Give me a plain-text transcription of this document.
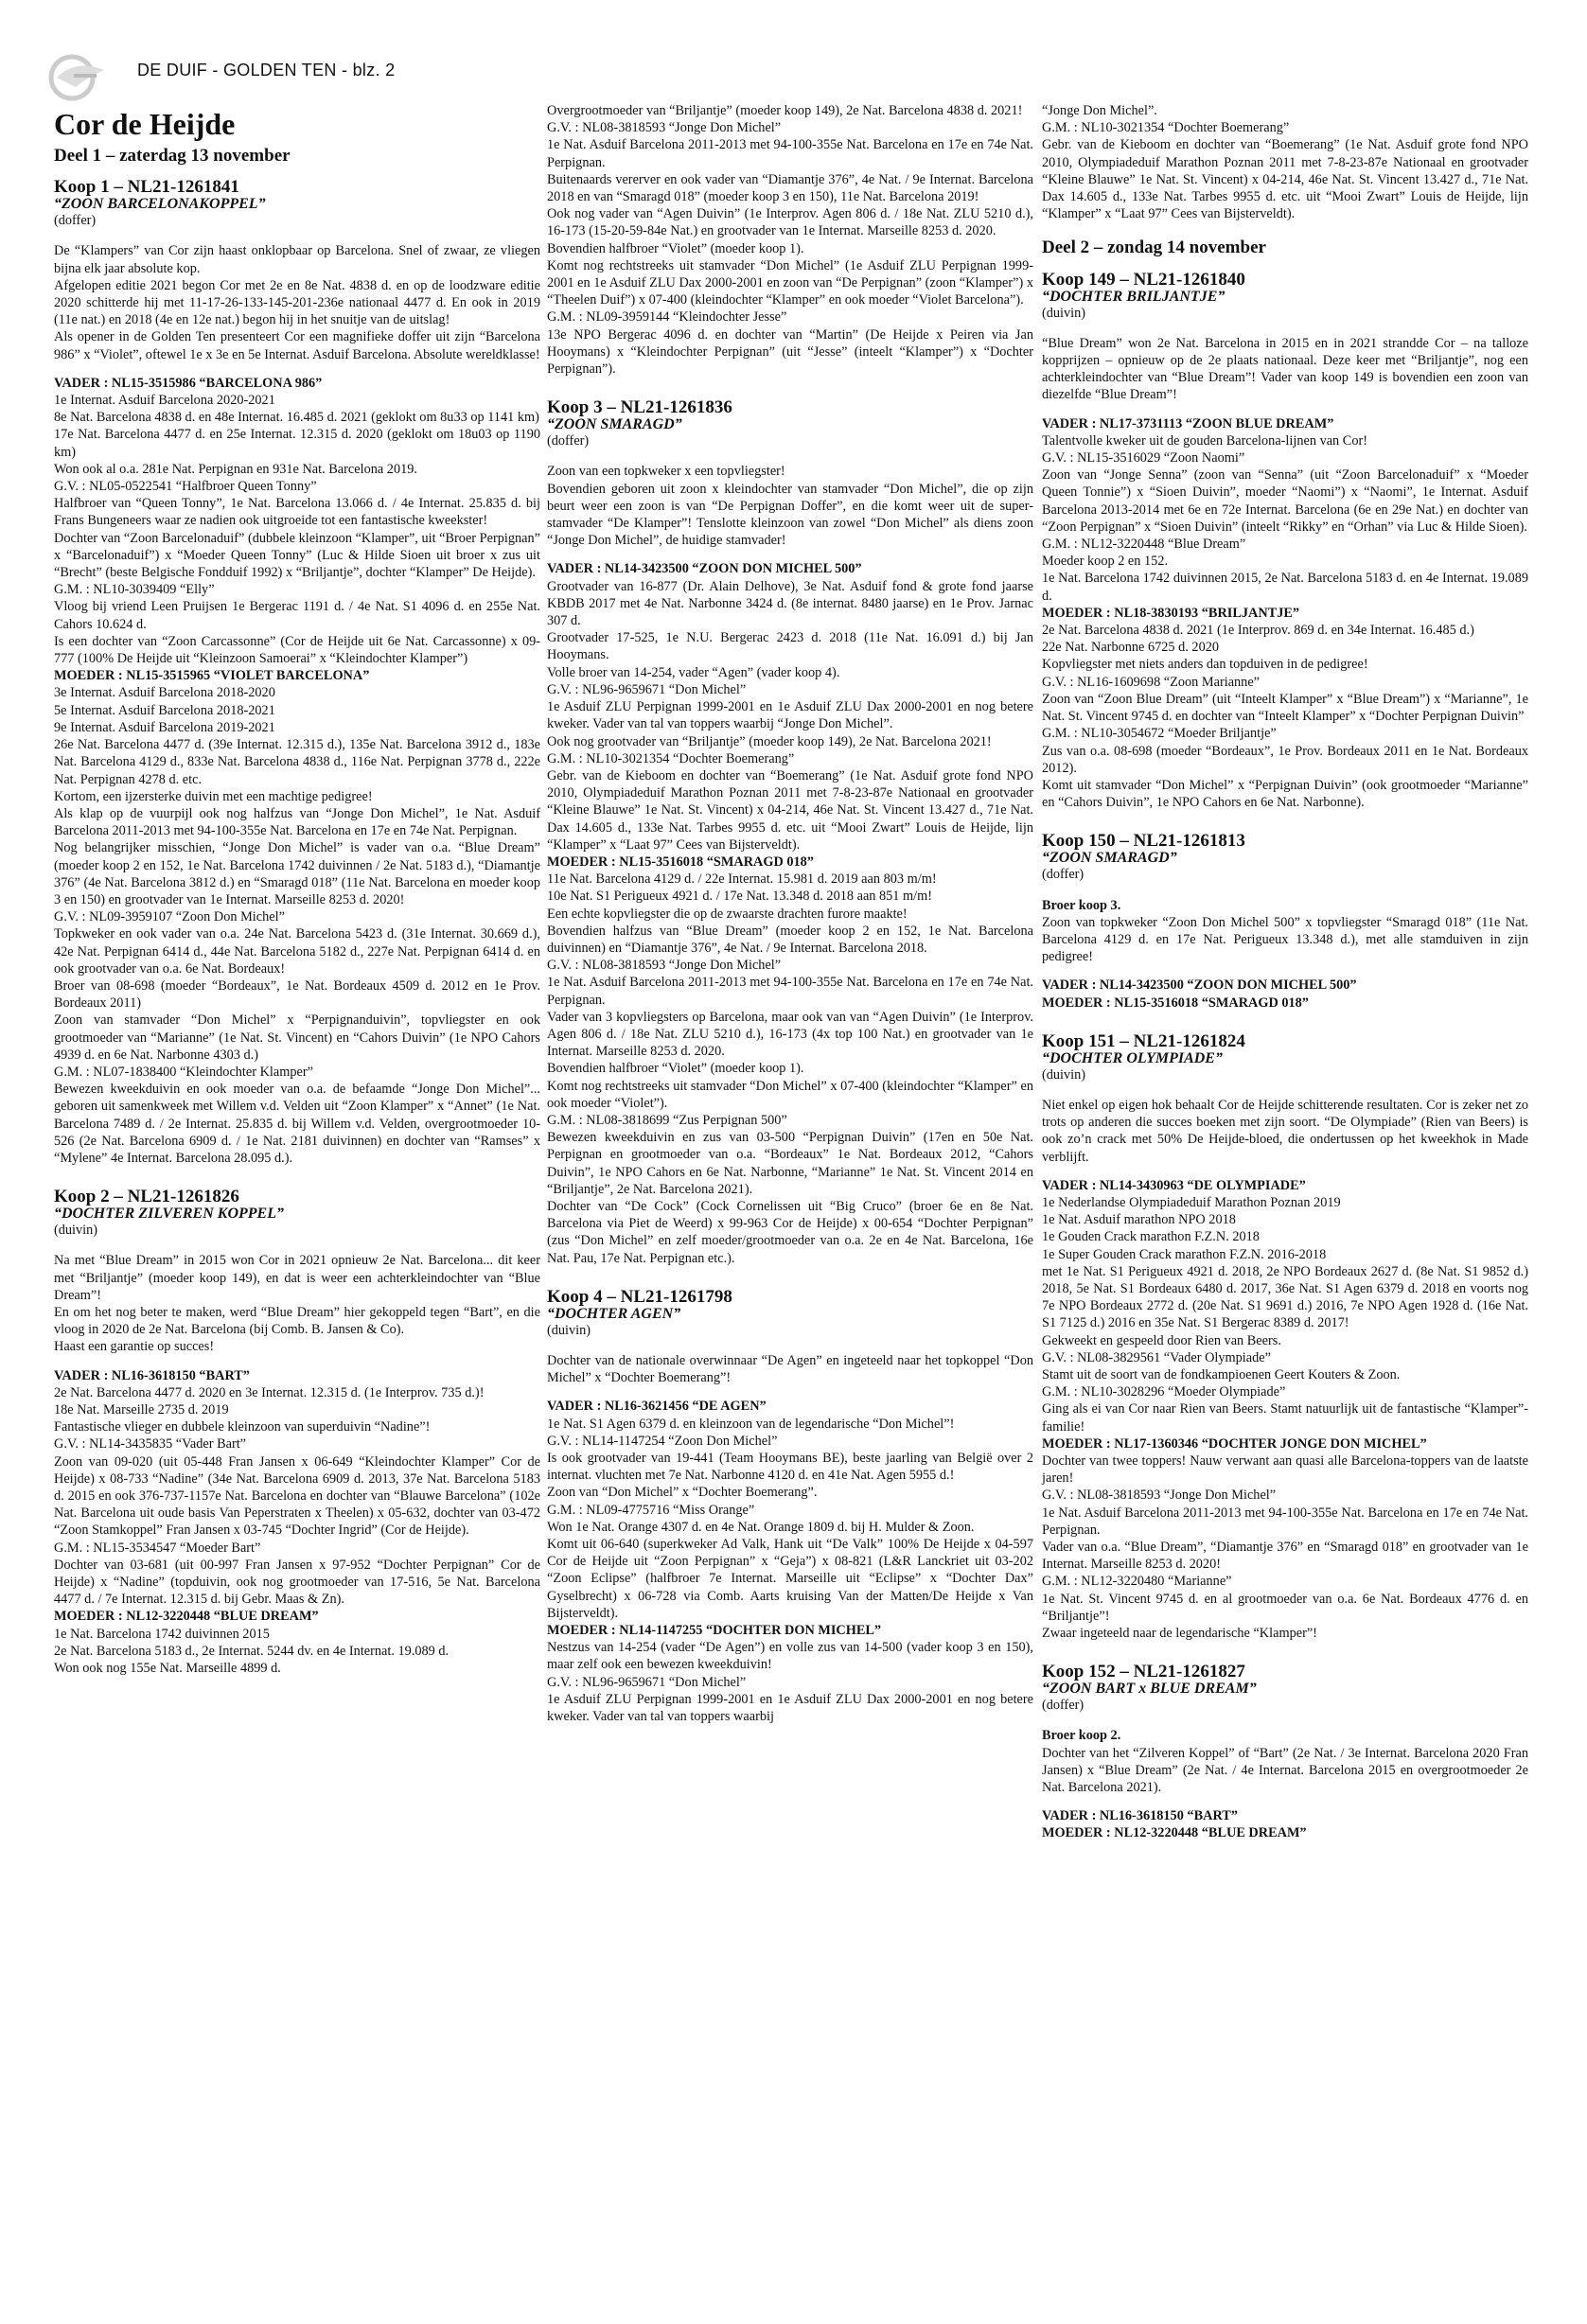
DE DUIF - GOLDEN TEN - blz. 2
Cor de Heijde
Deel 1 – zaterdag 13 november
Koop 1 – NL21-1261841
“ZOON BARCELONAKOPPEL”
(doffer)
De “Klampers” van Cor zijn haast onklopbaar op Barcelona. Snel of zwaar, ze vliegen bijna elk jaar absolute kop.
Afgelopen editie 2021 begon Cor met 2e en 8e Nat. 4838 d. en op de loodzware editie 2020 schitterde hij met 11-17-26-133-145-201-236e nationaal 4477 d. En ook in 2019 (11e nat.) en 2018 (4e en 12e nat.) begon hij in het snuitje van de uitslag!
Als opener in de Golden Ten presenteert Cor een magnifieke doffer uit zijn “Barcelona 986” x “Violet”, oftewel 1e x 3e en 5e Internat. Asduif Barcelona. Absolute wereldklasse!
VADER : NL15-3515986 “BARCELONA 986”
1e Internat. Asduif Barcelona 2020-2021
8e Nat. Barcelona 4838 d. en 48e Internat. 16.485 d. 2021 (geklokt om 8u33 op 1141 km)
17e Nat. Barcelona 4477 d. en 25e Internat. 12.315 d. 2020 (geklokt om 18u03 op 1190 km)
Won ook al o.a. 281e Nat. Perpignan en 931e Nat. Barcelona 2019.
G.V. : NL05-0522541 “Halfbroer Queen Tonny”
Halfbroer van “Queen Tonny”, 1e Nat. Barcelona 13.066 d. / 4e Internat. 25.835 d. bij Frans Bungeneers waar ze nadien ook uitgroeide tot een fantastische kweekster!
Dochter van “Zoon Barcelonaduif” (dubbele kleinzoon “Klamper”, uit “Broer Perpignan” x “Barcelonaduif”) x “Moeder Queen Tonny” (Luc & Hilde Sioen uit broer x zus uit “Brecht” (beste Belgische Fondduif 1992) x “Briljantje”, dochter “Klamper” De Heijde).
G.M. : NL10-3039409 “Elly”
Vloog bij vriend Leen Pruijsen 1e Bergerac 1191 d. / 4e Nat. S1 4096 d. en 255e Nat. Cahors 10.624 d.
Is een dochter van “Zoon Carcassonne” (Cor de Heijde uit 6e Nat. Carcassonne) x 09-777 (100% De Heijde uit “Kleinzoon Samoerai” x “Kleindochter Klamper”)
MOEDER : NL15-3515965 “VIOLET BARCELONA”
3e Internat. Asduif Barcelona 2018-2020
5e Internat. Asduif Barcelona 2018-2021
9e Internat. Asduif Barcelona 2019-2021
26e Nat. Barcelona 4477 d. (39e Internat. 12.315 d.), 135e Nat. Barcelona 3912 d., 183e Nat. Barcelona 4129 d., 833e Nat. Barcelona 4838 d., 116e Nat. Perpignan 3778 d., 222e Nat. Perpignan 4278 d. etc.
Kortom, een ijzersterke duivin met een machtige pedigree!
Als klap op de vuurpijl ook nog halfzus van “Jonge Don Michel”, 1e Nat. Asduif Barcelona 2011-2013 met 94-100-355e Nat. Barcelona en 17e en 74e Nat. Perpignan.
Nog belangrijker misschien, “Jonge Don Michel” is vader van o.a. “Blue Dream” (moeder koop 2 en 152, 1e Nat. Barcelona 1742 duivinnen / 2e Nat. 5183 d.), “Diamantje 376” (4e Nat. Barcelona 3812 d.) en “Smaragd 018” (11e Nat. Barcelona en moeder koop 3 en 150) en grootvader van 1e Internat. Marseille 8253 d. 2020!
G.V. : NL09-3959107 “Zoon Don Michel”
Topkweker en ook vader van o.a. 24e Nat. Barcelona 5423 d. (31e Internat. 30.669 d.), 42e Nat. Perpignan 6414 d., 44e Nat. Barcelona 5182 d., 227e Nat. Perpignan 6414 d. en ook grootvader van o.a. 6e Nat. Bordeaux!
Broer van 08-698 (moeder “Bordeaux”, 1e Nat. Bordeaux 4509 d. 2012 en 1e Prov. Bordeaux 2011)
Zoon van stamvader “Don Michel” x “Perpignanduivin”, topvliegster en ook grootmoeder van “Marianne” (1e Nat. St. Vincent) en “Cahors Duivin” (1e NPO Cahors 4939 d. en 6e Nat. Narbonne 4303 d.)
G.M. : NL07-1838400 “Kleindochter Klamper”
Bewezen kweekduivin en ook moeder van o.a. de befaamde “Jonge Don Michel”... geboren uit samenkweek met Willem v.d. Velden uit “Zoon Klamper” x “Annet” (1e Nat. Barcelona 7489 d. / 2e Internat. 25.835 d. bij Willem v.d. Velden, overgrootmoeder 10-526 (2e Nat. Barcelona 6909 d. / 1e Nat. 2181 duivinnen) en dochter van “Ramses” x “Mylene” 4e Internat. Barcelona 28.095 d.).
Koop 2 – NL21-1261826
“DOCHTER ZILVEREN KOPPEL”
(duivin)
Na met “Blue Dream” in 2015 won Cor in 2021 opnieuw 2e Nat. Barcelona... dit keer met “Briljantje” (moeder koop 149), en dat is weer een achterkleindochter van “Blue Dream”!
En om het nog beter te maken, werd “Blue Dream” hier gekoppeld tegen “Bart”, en die vloog in 2020 de 2e Nat. Barcelona (bij Comb. B. Jansen & Co).
Haast een garantie op succes!
VADER : NL16-3618150 “BART”
2e Nat. Barcelona 4477 d. 2020 en 3e Internat. 12.315 d. (1e Interprov. 735 d.)!
18e Nat. Marseille 2735 d. 2019
Fantastische vlieger en dubbele kleinzoon van superduivin “Nadine”!
G.V. : NL14-3435835 “Vader Bart”
Zoon van 09-020 (uit 05-448 Fran Jansen x 06-649 “Kleindochter Klamper” Cor de Heijde) x 08-733 “Nadine” (34e Nat. Barcelona 6909 d. 2013, 37e Nat. Barcelona 5183 d. 2015 en ook 376-737-1157e Nat. Barcelona en dochter van “Blauwe Barcelona” (102e Nat. Barcelona uit oude basis Van Peperstraten x Theelen) x 05-632, dochter van 03-472 “Zoon Stamkoppel” Fran Jansen x 03-745 “Dochter Ingrid” (Cor de Heijde).
G.M. : NL15-3534547 “Moeder Bart”
Dochter van 03-681 (uit 00-997 Fran Jansen x 97-952 “Dochter Perpignan” Cor de Heijde) x “Nadine” (topduivin, ook nog grootmoeder van 17-516, 5e Nat. Barcelona 4477 d. / 7e Internat. 12.315 d. bij Gebr. Maas & Zn).
MOEDER : NL12-3220448 “BLUE DREAM”
1e Nat. Barcelona 1742 duivinnen 2015
2e Nat. Barcelona 5183 d., 2e Internat. 5244 dv. en 4e Internat. 19.089 d.
Won ook nog 155e Nat. Marseille 4899 d.
Overgrootmoeder van “Briljantje” (moeder koop 149), 2e Nat. Barcelona 4838 d. 2021!
G.V. : NL08-3818593 “Jonge Don Michel”
1e Nat. Asduif Barcelona 2011-2013 met 94-100-355e Nat. Barcelona en 17e en 74e Nat. Perpignan.
Buitenaards vererver en ook vader van “Diamantje 376”, 4e Nat. / 9e Internat. Barcelona 2018 en van “Smaragd 018” (moeder koop 3 en 150), 11e Nat. Barcelona 2019!
Ook nog vader van “Agen Duivin” (1e Interprov. Agen 806 d. / 18e Nat. ZLU 5210 d.), 16-173 (15-20-59-84e Nat.) en grootvader van 1e Internat. Marseille 8253 d. 2020.
Bovendien halfbroer “Violet” (moeder koop 1).
Komt nog rechtstreeks uit stamvader “Don Michel” (1e Asduif ZLU Perpignan 1999-2001 en 1e Asduif ZLU Dax 2000-2001 en zoon van “De Perpignan” (zoon “Klamper”) x “Theelen Duif”) x 07-400 (kleindochter “Klamper” en ook moeder “Violet Barcelona”).
G.M. : NL09-3959144 “Kleindochter Jesse”
13e NPO Bergerac 4096 d. en dochter van “Martin” (De Heijde x Peiren via Jan Hooymans) x “Kleindochter Perpignan” (uit “Jesse” (inteelt “Klamper”) x “Dochter Perpignan”).
Koop 3 – NL21-1261836
“ZOON SMARAGD”
(doffer)
Zoon van een topkweker x een topvliegster!
Bovendien geboren uit zoon x kleindochter van stamvader “Don Michel”, die op zijn beurt weer een zoon is van “De Perpignan Doffer”, en die komt weer uit de super-stamvader “De Klamper”! Tenslotte kleinzoon van zowel “Don Michel” als diens zoon “Jonge Don Michel”, de huidige stamvader!
VADER : NL14-3423500 “ZOON DON MICHEL 500”
Grootvader van 16-877 (Dr. Alain Delhove), 3e Nat. Asduif fond & grote fond jaarse KBDB 2017 met 4e Nat. Narbonne 3424 d. (8e internat. 8480 jaarse) en 1e Prov. Jarnac 307 d.
Grootvader 17-525, 1e N.U. Bergerac 2423 d. 2018 (11e Nat. 16.091 d.) bij Jan Hooymans.
Volle broer van 14-254, vader “Agen” (vader koop 4).
G.V. : NL96-9659671 “Don Michel”
1e Asduif ZLU Perpignan 1999-2001 en 1e Asduif ZLU Dax 2000-2001 en nog betere kweker. Vader van tal van toppers waarbij “Jonge Don Michel”.
Ook nog grootvader van “Briljantje” (moeder koop 149), 2e Nat. Barcelona 2021!
G.M. : NL10-3021354 “Dochter Boemerang”
Gebr. van de Kieboom en dochter van “Boemerang” (1e Nat. Asduif grote fond NPO 2010, Olympiadeduif Marathon Poznan 2011 met 7-8-23-87e Nationaal en grootvader “Kleine Blauwe” 1e Nat. St. Vincent) x 04-214, 46e Nat. St. Vincent 13.427 d., 71e Nat. Dax 14.605 d., 133e Nat. Tarbes 9955 d. etc. uit “Mooi Zwart” Louis de Heijde, lijn “Klamper” x “Laat 97” Cees van Bijsterveldt).
MOEDER : NL15-3516018 “SMARAGD 018”
11e Nat. Barcelona 4129 d. / 22e Internat. 15.981 d. 2019 aan 803 m/m!
10e Nat. S1 Perigueux 4921 d. / 17e Nat. 13.348 d. 2018 aan 851 m/m!
Een echte kopvliegster die op de zwaarste drachten furore maakte!
Bovendien halfzus van “Blue Dream” (moeder koop 2 en 152, 1e Nat. Barcelona duivinnen) en “Diamantje 376”, 4e Nat. / 9e Internat. Barcelona 2018.
G.V. : NL08-3818593 “Jonge Don Michel”
1e Nat. Asduif Barcelona 2011-2013 met 94-100-355e Nat. Barcelona en 17e en 74e Nat. Perpignan.
Vader van 3 kopvliegsters op Barcelona, maar ook van van “Agen Duivin” (1e Interprov. Agen 806 d. / 18e Nat. ZLU 5210 d.), 16-173 (4x top 100 Nat.) en grootvader van 1e Internat. Marseille 8253 d. 2020.
Bovendien halfbroer “Violet” (moeder koop 1).
Komt nog rechtstreeks uit stamvader “Don Michel” x 07-400 (kleindochter “Klamper” en ook moeder “Violet”).
G.M. : NL08-3818699 “Zus Perpignan 500”
Bewezen kweekduivin en zus van 03-500 “Perpignan Duivin” (17en en 50e Nat. Perpignan en grootmoeder van o.a. “Bordeaux” 1e Nat. Bordeaux 2012, “Cahors Duivin”, 1e NPO Cahors en 6e Nat. Narbonne, “Marianne” 1e Nat. St. Vincent 2014 en “Briljantje”, 2e Nat. Barcelona 2021).
Dochter van “De Cock” (Cock Cornelissen uit “Big Cruco” (broer 6e en 8e Nat. Barcelona via Piet de Weerd) x 99-963 Cor de Heijde) x 00-654 “Dochter Perpignan” (zus “Don Michel” en zelf moeder/grootmoeder van o.a. 2e en 4e Nat. Barcelona, 16e Nat. Pau, 17e Nat. Perpignan etc.).
Koop 4 – NL21-1261798
“DOCHTER AGEN”
(duivin)
Dochter van de nationale overwinnaar “De Agen” en ingeteeld naar het topkoppel “Don Michel” x “Dochter Boemerang”!
VADER : NL16-3621456 “DE AGEN”
1e Nat. S1 Agen 6379 d. en kleinzoon van de legendarische “Don Michel”!
G.V. : NL14-1147254 “Zoon Don Michel”
Is ook grootvader van 19-441 (Team Hooymans BE), beste jaarling van België over 2 internat. vluchten met 7e Nat. Narbonne 4120 d. en 41e Nat. Agen 5955 d.!
Zoon van “Don Michel” x “Dochter Boemerang”.
G.M. : NL09-4775716 “Miss Orange”
Won 1e Nat. Orange 4307 d. en 4e Nat. Orange 1809 d. bij H. Mulder & Zoon.
Komt uit 06-640 (superkweker Ad Valk, Hank uit “De Valk” 100% De Heijde x 04-597 Cor de Heijde uit “Zoon Perpignan” x “Geja”) x 08-821 (L&R Lanckriet uit 03-202 “Zoon Eclipse” (halfbroer 7e Internat. Marseille uit “Eclipse” x “Dochter Dax” Gyselbrecht) x 06-728 via Comb. Aarts kruising Van der Matten/De Heijde x Van Bijsterveldt).
MOEDER : NL14-1147255 “DOCHTER DON MICHEL”
Nestzus van 14-254 (vader “De Agen”) en volle zus van 14-500 (vader koop 3 en 150), maar zelf ook een bewezen kweekduivin!
G.V. : NL96-9659671 “Don Michel”
1e Asduif ZLU Perpignan 1999-2001 en 1e Asduif ZLU Dax 2000-2001 en nog betere kweker. Vader van tal van toppers waarbij
“Jonge Don Michel”.
G.M. : NL10-3021354 “Dochter Boemerang”
Gebr. van de Kieboom en dochter van “Boemerang” (1e Nat. Asduif grote fond NPO 2010, Olympiadeduif Marathon Poznan 2011 met 7-8-23-87e Nationaal en grootvader “Kleine Blauwe” 1e Nat. St. Vincent) x 04-214, 46e Nat. St. Vincent 13.427 d., 71e Nat. Dax 14.605 d., 133e Nat. Tarbes 9955 d. etc. uit “Mooi Zwart” Louis de Heijde, lijn “Klamper” x “Laat 97” Cees van Bijsterveldt).
Deel 2 – zondag 14 november
Koop 149 – NL21-1261840
“DOCHTER BRILJANTJE”
(duivin)
“Blue Dream” won 2e Nat. Barcelona in 2015 en in 2021 strandde Cor – na talloze kopprijzen – opnieuw op de 2e plaats nationaal. Deze keer met “Briljantje”, nog een achterkleindochter van “Blue Dream”! Vader van koop 149 is bovendien een zoon van diezelfde “Blue Dream”!
VADER : NL17-3731113 “ZOON BLUE DREAM”
Talentvolle kweker uit de gouden Barcelona-lijnen van Cor!
G.V. : NL15-3516029 “Zoon Naomi”
Zoon van “Jonge Senna” (zoon van “Senna” (uit “Zoon Barcelonaduif” x “Moeder Queen Tonnie”) x “Sioen Duivin”, moeder “Naomi”) x “Naomi”, 1e Internat. Asduif Barcelona 2013-2014 met 6e en 72e Internat. Barcelona (6e en 29e Nat.) en dochter van “Zoon Perpignan” x “Sioen Duivin” (inteelt “Rikky” en “Orhan” via Luc & Hilde Sioen).
G.M. : NL12-3220448 “Blue Dream”
Moeder koop 2 en 152.
1e Nat. Barcelona 1742 duivinnen 2015, 2e Nat. Barcelona 5183 d. en 4e Internat. 19.089 d.
MOEDER : NL18-3830193 “BRILJANTJE”
2e Nat. Barcelona 4838 d. 2021 (1e Interprov. 869 d. en 34e Internat. 16.485 d.)
22e Nat. Narbonne 6725 d. 2020
Kopvliegster met niets anders dan topduiven in de pedigree!
G.V. : NL16-1609698 “Zoon Marianne”
Zoon van “Zoon Blue Dream” (uit “Inteelt Klamper” x “Blue Dream”) x “Marianne”, 1e Nat. St. Vincent 9745 d. en dochter van “Inteelt Klamper” x “Dochter Perpignan Duivin”
G.M. : NL10-3054672 “Moeder Briljantje”
Zus van o.a. 08-698 (moeder “Bordeaux”, 1e Prov. Bordeaux 2011 en 1e Nat. Bordeaux 2012).
Komt uit stamvader “Don Michel” x “Perpignan Duivin” (ook grootmoeder “Marianne” en “Cahors Duivin”, 1e NPO Cahors en 6e Nat. Narbonne).
Koop 150 – NL21-1261813
“ZOON SMARAGD”
(doffer)
Broer koop 3.
Zoon van topkweker “Zoon Don Michel 500” x topvliegster “Smaragd 018” (11e Nat. Barcelona 4129 d. en 17e Nat. Perigueux 13.348 d.), met alle stamduiven in zijn pedigree!
VADER : NL14-3423500 “ZOON DON MICHEL 500”
MOEDER : NL15-3516018 “SMARAGD 018”
Koop 151 – NL21-1261824
“DOCHTER OLYMPIADE”
(duivin)
Niet enkel op eigen hok behaalt Cor de Heijde schitterende resultaten. Cor is zeker net zo trots op anderen die succes boeken met zijn soort. “De Olympiade” (Rien van Beers) is ook zo’n crack met 50% De Heijde-bloed, die ondertussen op het kweekhok in Made verblijft.
VADER : NL14-3430963 “DE OLYMPIADE”
1e Nederlandse Olympiadeduif Marathon Poznan 2019
1e Nat. Asduif marathon NPO 2018
1e Gouden Crack marathon F.Z.N. 2018
1e Super Gouden Crack marathon F.Z.N. 2016-2018
met 1e Nat. S1 Perigueux 4921 d. 2018, 2e NPO Bordeaux 2627 d. (8e Nat. S1 9852 d.) 2018, 5e Nat. S1 Bordeaux 6480 d. 2017, 36e Nat. S1 Agen 6379 d. 2018 en voorts nog 7e NPO Bordeaux 2772 d. (20e Nat. S1 9691 d.) 2016, 7e NPO Agen 1928 d. (16e Nat. S1 7125 d.) 2016 en 35e Nat. S1 Bergerac 8389 d. 2017!
Gekweekt en gespeeld door Rien van Beers.
G.V. : NL08-3829561 “Vader Olympiade”
Stamt uit de soort van de fondkampioenen Geert Kouters & Zoon.
G.M. : NL10-3028296 “Moeder Olympiade”
Ging als ei van Cor naar Rien van Beers. Stamt natuurlijk uit de fantastische “Klamper”-familie!
MOEDER : NL17-1360346 “DOCHTER JONGE DON MICHEL”
Dochter van twee toppers! Nauw verwant aan quasi alle Barcelona-toppers van de laatste jaren!
G.V. : NL08-3818593 “Jonge Don Michel”
1e Nat. Asduif Barcelona 2011-2013 met 94-100-355e Nat. Barcelona en 17e en 74e Nat. Perpignan.
Vader van o.a. “Blue Dream”, “Diamantje 376” en “Smaragd 018” en grootvader van 1e Internat. Marseille 8253 d. 2020!
G.M. : NL12-3220480 “Marianne”
1e Nat. St. Vincent 9745 d. en al grootmoeder van o.a. 6e Nat. Bordeaux 4776 d. en “Briljantje”!
Zwaar ingeteeld naar de legendarische “Klamper”!
Koop 152 – NL21-1261827
“ZOON BART x BLUE DREAM”
(doffer)
Broer koop 2.
Dochter van het “Zilveren Koppel” of “Bart” (2e Nat. / 3e Internat. Barcelona 2020 Fran Jansen) x “Blue Dream” (2e Nat. / 4e Internat. Barcelona 2015 en overgrootmoeder 2e Nat. Barcelona 2021).
VADER : NL16-3618150 “BART”
MOEDER : NL12-3220448 “BLUE DREAM”
